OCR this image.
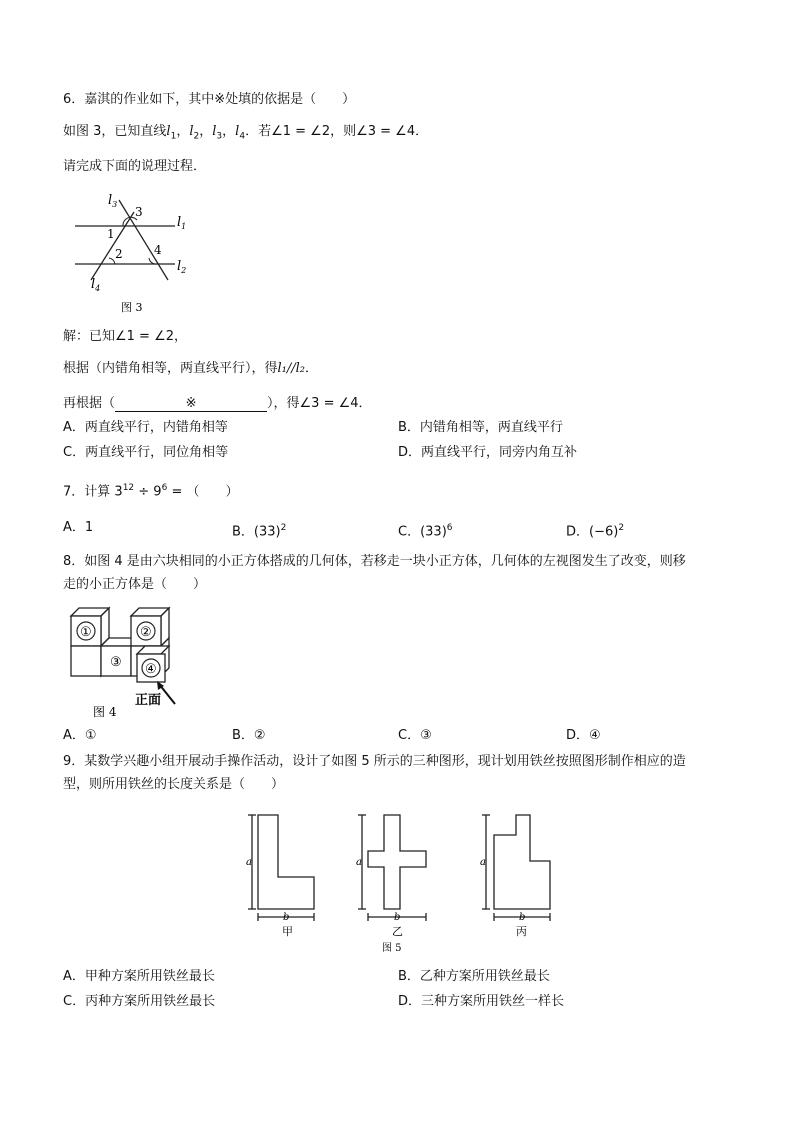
6．嘉淇的作业如下，其中※处填的依据是（　　）
如图 3，已知直线$l_1$，$l_2$，$l_3$，$l_4$．若∠1 = ∠2，则∠3 = ∠4．
请完成下面的说理过程．
$l_3$
$l_1$
$l_2$
$l_4$
3
1
2	4
图 3
解：已知∠1 = ∠2，
根据（内错角相等，两直线平行），得l₁//l₂．
再根据（	※	），得∠3 = ∠4．
A．两直线平行，内错角相等	B．内错角相等，两直线平行
C．两直线平行，同位角相等	D．两直线平行，同旁内角互补
7．计算 $3^{12} \div 9^6$ = （　　）
A．1	B．$(33)^2$	C．$(33)^6$	D．$(-6)^2$
8．如图 4 是由六块相同的小正方体搭成的几何体，若移走一块小正方体，几何体的左视图发生了改变，则移
走的小正方体是（　　）
①	②
③ ④
正面
图 4
A．①	B．②	C．③	D．④
9．某数学兴趣小组开展动手操作活动，设计了如图 5 所示的三种图形，现计划用铁丝按照图形制作相应的造
型，则所用铁丝的长度关系是（　　）
a
b
a
b
a
b
甲	乙	丙
图 5
A．甲种方案所用铁丝最长	B．乙种方案所用铁丝最长
C．丙种方案所用铁丝最长	D．三种方案所用铁丝一样长
